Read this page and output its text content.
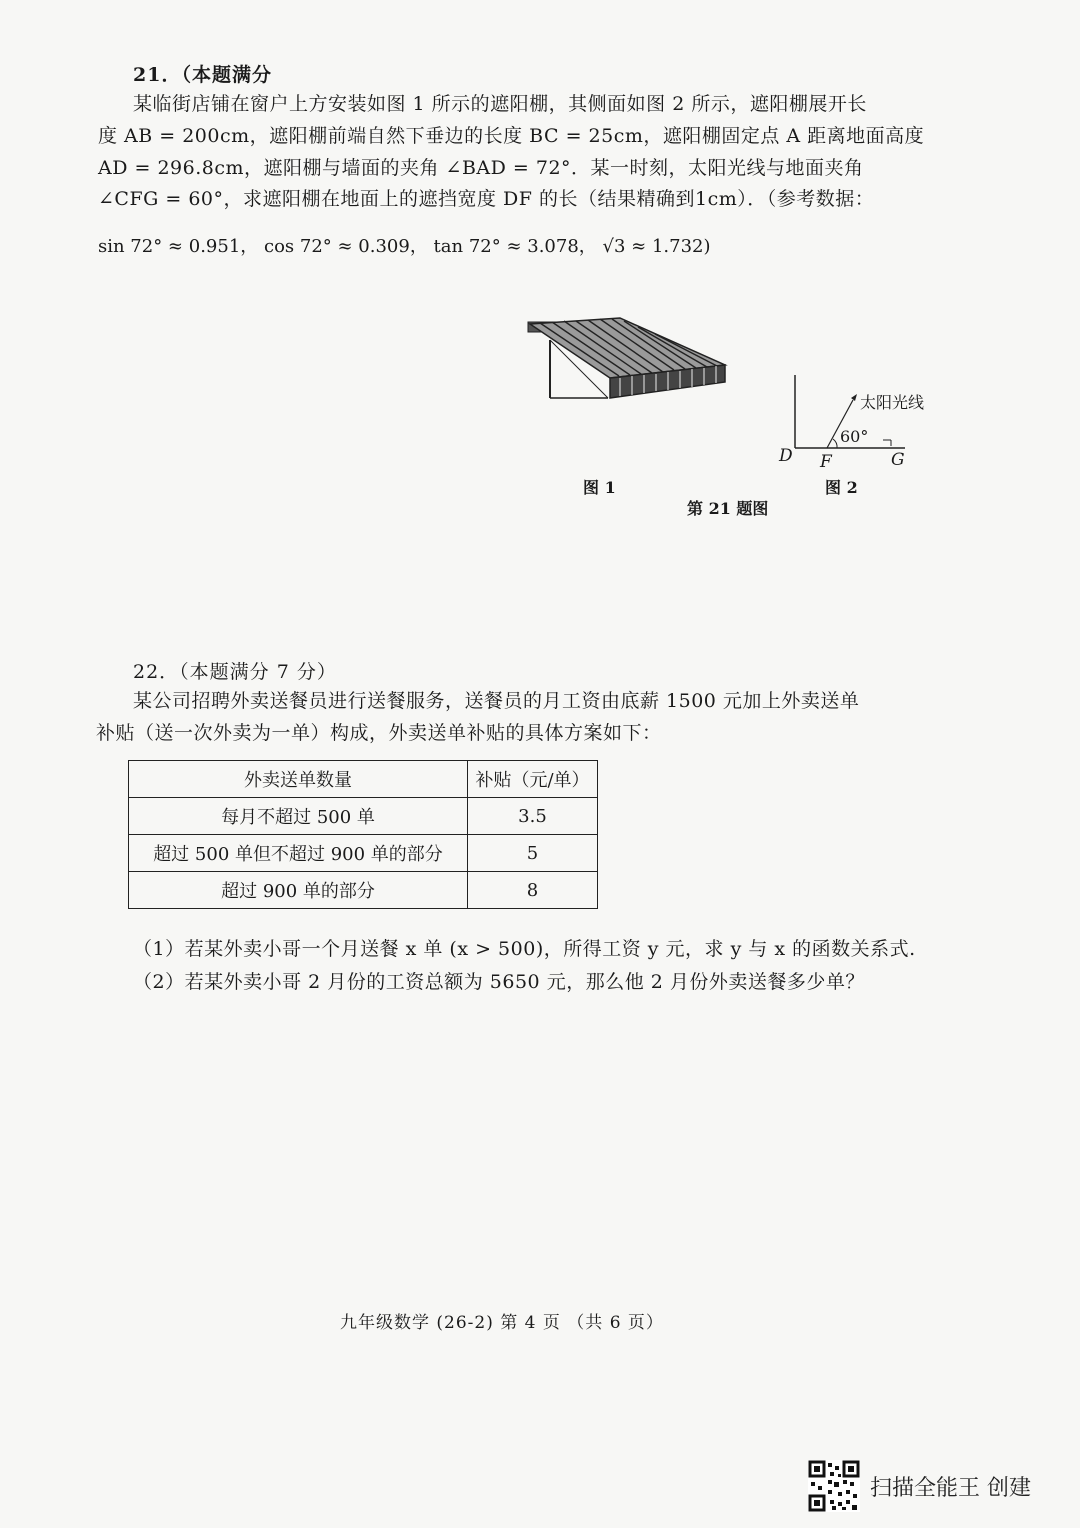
21．（本题满分
某临街店铺在窗户上方安装如图 1 所示的遮阳棚，其侧面如图 2 所示，遮阳棚展开长
度 AB = 200cm，遮阳棚前端自然下垂边的长度 BC = 25cm，遮阳棚固定点 A 距离地面高度
AD = 296.8cm，遮阳棚与墙面的夹角 ∠BAD = 72°．某一时刻，太阳光线与地面夹角
∠CFG = 60°，求遮阳棚在地面上的遮挡宽度 DF 的长（结果精确到1cm）．（参考数据：
sin 72° ≈ 0.951， cos 72° ≈ 0.309， tan 72° ≈ 3.078， √3 ≈ 1.732)
太阳光线
60°
D F	G
图 1	图 2
第 21 题图
22．（本题满分 7 分）
某公司招聘外卖送餐员进行送餐服务，送餐员的月工资由底薪 1500 元加上外卖送单
补贴（送一次外卖为一单）构成，外卖送单补贴的具体方案如下：
外卖送单数量	补贴（元/单）
每月不超过 500 单	3.5
超过 500 单但不超过 900 单的部分	5
超过 900 单的部分	8
（1）若某外卖小哥一个月送餐 x 单 (x > 500)，所得工资 y 元，求 y 与 x 的函数关系式.
（2）若某外卖小哥 2 月份的工资总额为 5650 元，那么他 2 月份外卖送餐多少单？
九年级数学 (26-2) 第 4 页 （共 6 页）
扫描全能王 创建
